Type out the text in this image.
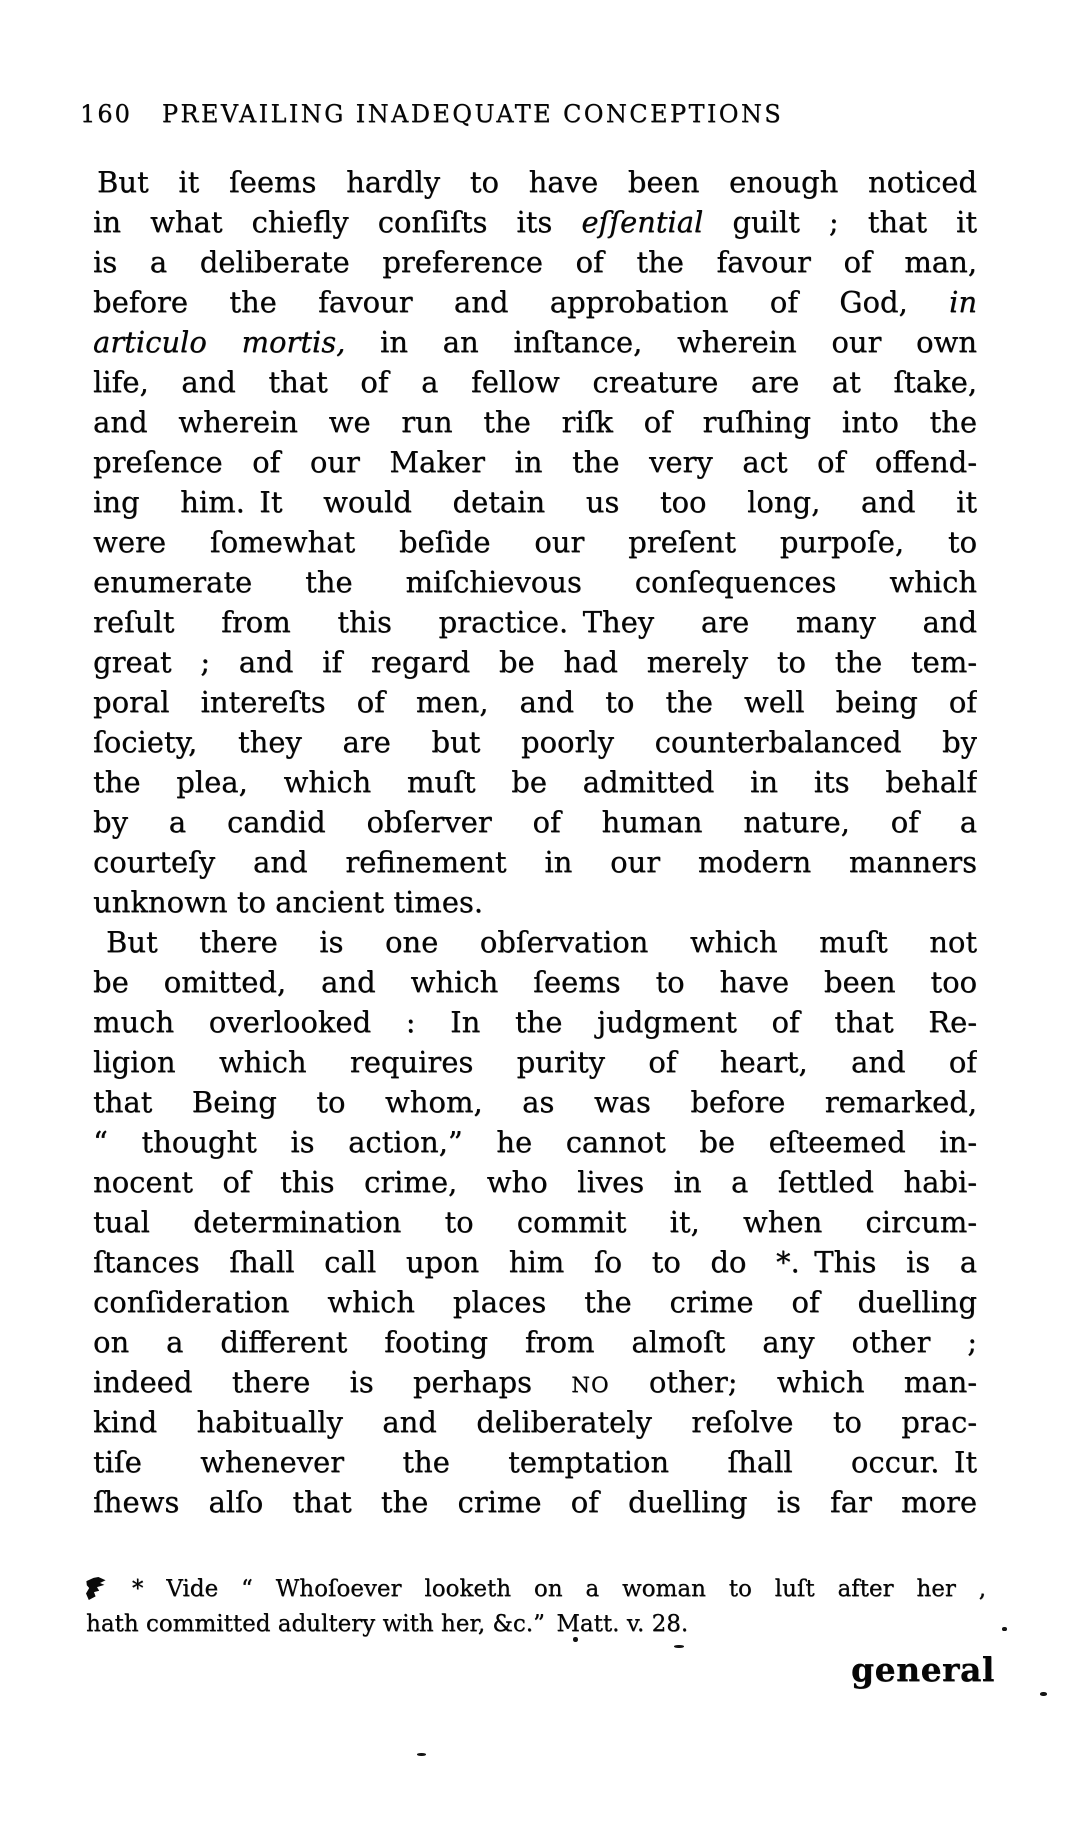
160 PREVAILING INADEQUATE CONCEPTIONS
But it ſeems hardly to have been enough noticed
in what chiefly conſiſts its eſſential guilt ; that it
is a deliberate preference of the favour of man,
before the favour and approbation of God, in
articulo mortis, in an inſtance, wherein our own
life, and that of a fellow creature are at ſtake,
and wherein we run the riſk of ruſhing into the
preſence of our Maker in the very act of offend-
ing him. It would detain us too long, and it
were ſomewhat beſide our preſent purpoſe, to
enumerate the miſchievous conſequences which
reſult from this practice. They are many and
great ; and if regard be had merely to the tem-
poral intereſts of men, and to the well being of
ſociety, they are but poorly counterbalanced by
the plea, which muſt be admitted in its behalf
by a candid obſerver of human nature, of a
courteſy and refinement in our modern manners
unknown to ancient times.
But there is one obſervation which muſt not
be omitted, and which ſeems to have been too
much overlooked : In the judgment of that Re-
ligion which requires purity of heart, and of
that Being to whom, as was before remarked,
“ thought is action,” he cannot be eſteemed in-
nocent of this crime, who lives in a ſettled habi-
tual determination to commit it, when circum-
ſtances ſhall call upon him ſo to do *. This is a
conſideration which places the crime of duelling
on a different footing from almoſt any other ;
indeed there is perhaps NO other; which man-
kind habitually and deliberately reſolve to prac-
tiſe whenever the temptation ſhall occur. It
ſhews alſo that the crime of duelling is far more
* Vide “ Whoſoever looketh on a woman to luſt after her ,
hath committed adultery with her, &c.” Matt. v. 28.
general
